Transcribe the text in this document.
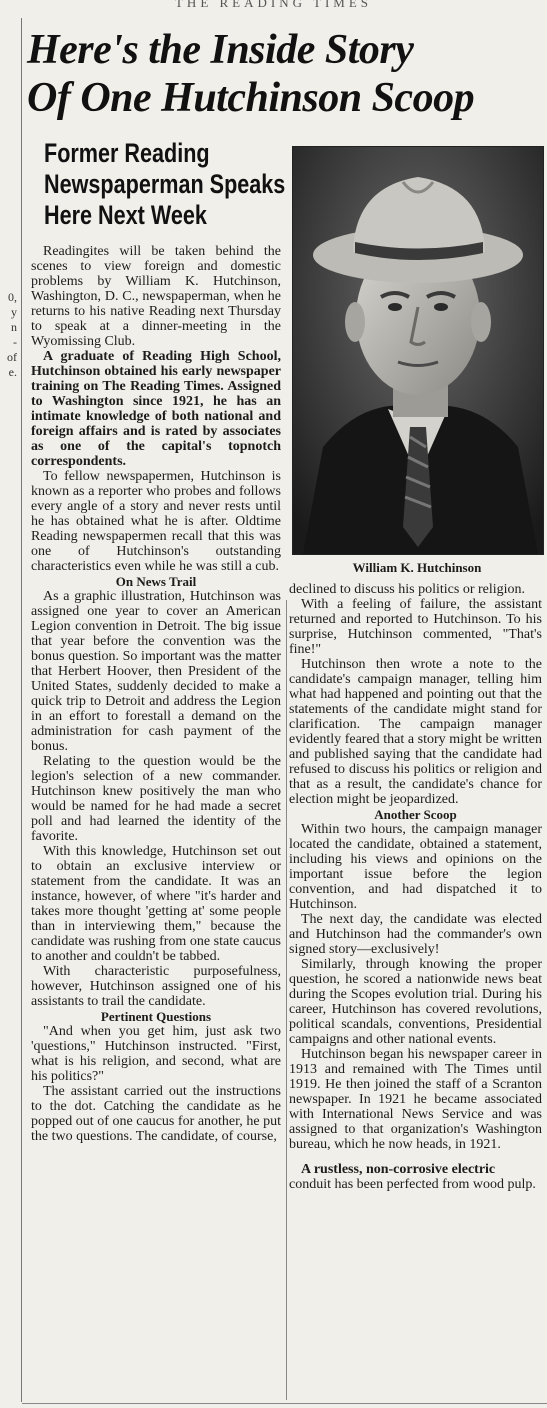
THE READING TIMES
0,
y
n
-
of
e.
Here's the Inside Story
Of One Hutchinson Scoop
Former Reading
Newspaperman Speaks
Here Next Week
William K. Hutchinson

Readingites will be taken behind the scenes to view foreign and domestic problems by William K. Hutchinson, Washington, D. C., newspaperman, when he returns to his native Reading next Thursday to speak at a dinner-meeting in the Wyomissing Club.

A graduate of Reading High School, Hutchinson obtained his early newspaper training on The Reading Times. Assigned to Washington since 1921, he has an intimate knowledge of both national and foreign affairs and is rated by associates as one of the capital's topnotch correspondents.

To fellow newspapermen, Hutchinson is known as a reporter who probes and follows every angle of a story and never rests until he has obtained what he is after. Oldtime Reading newspapermen recall that this was one of Hutchinson's outstanding characteristics even while he was still a cub.

On News Trail

As a graphic illustration, Hutchinson was assigned one year to cover an American Legion convention in Detroit. The big issue that year before the convention was the bonus question. So important was the matter that Herbert Hoover, then President of the United States, suddenly decided to make a quick trip to Detroit and address the Legion in an effort to forestall a demand on the administration for cash payment of the bonus.

Relating to the question would be the legion's selection of a new commander. Hutchinson knew positively the man who would be named for he had made a secret poll and had learned the identity of the favorite.

With this knowledge, Hutchinson set out to obtain an exclusive interview or statement from the candidate. It was an instance, however, of where "it's harder and takes more thought 'getting at' some people than in interviewing them," because the candidate was rushing from one state caucus to another and couldn't be tabbed.

With characteristic purposefulness, however, Hutchinson assigned one of his assistants to trail the candidate.

Pertinent Questions

"And when you get him, just ask two 'questions," Hutchinson instructed. "First, what is his religion, and second, what are his politics?"

The assistant carried out the instructions to the dot. Catching the candidate as he popped out of one caucus for another, he put the two questions. The candidate, of course,

declined to discuss his politics or religion.

With a feeling of failure, the assistant returned and reported to Hutchinson. To his surprise, Hutchinson commented, "That's fine!"

Hutchinson then wrote a note to the candidate's campaign manager, telling him what had happened and pointing out that the statements of the candidate might stand for clarification. The campaign manager evidently feared that a story might be written and published saying that the candidate had refused to discuss his politics or religion and that as a result, the candidate's chance for election might be jeopardized.

Another Scoop

Within two hours, the campaign manager located the candidate, obtained a statement, including his views and opinions on the important issue before the legion convention, and had dispatched it to Hutchinson.

The next day, the candidate was elected and Hutchinson had the commander's own signed story—exclusively!

Similarly, through knowing the proper question, he scored a nationwide news beat during the Scopes evolution trial. During his career, Hutchinson has covered revolutions, political scandals, conventions, Presidential campaigns and other national events.

Hutchinson began his newspaper career in 1913 and remained with The Times until 1919. He then joined the staff of a Scranton newspaper. In 1921 he became associated with International News Service and was assigned to that organization's Washington bureau, which he now heads, in 1921.

A rustless, non-corrosive electric

conduit has been perfected from wood pulp.
